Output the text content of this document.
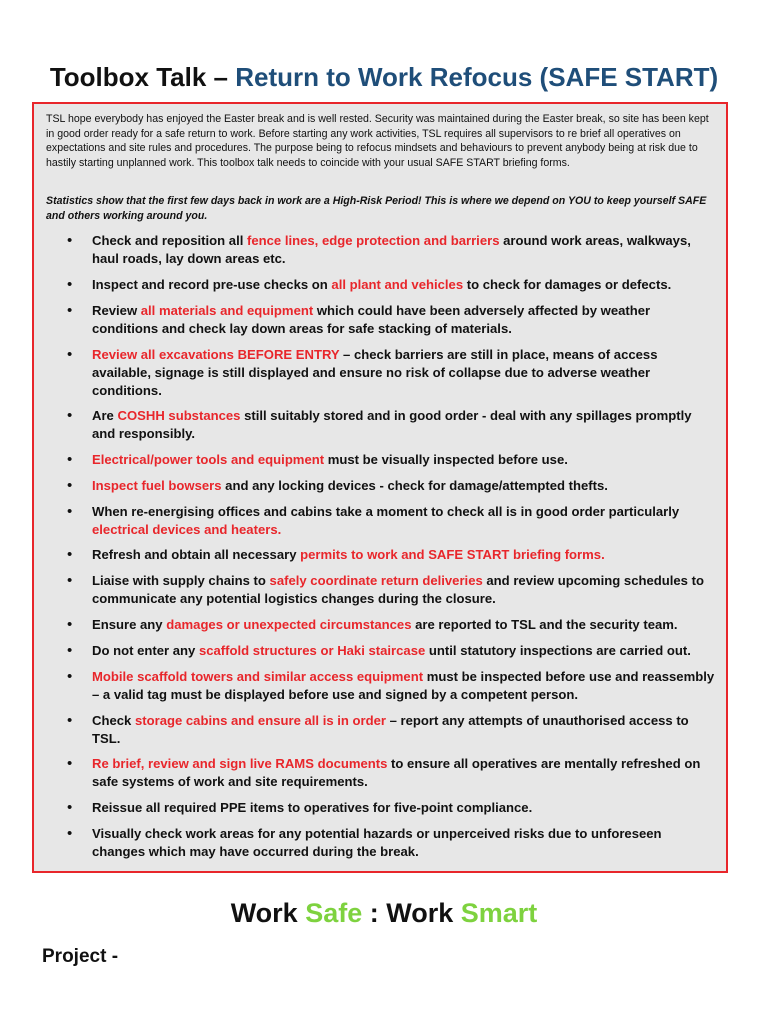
Toolbox Talk – Return to Work Refocus (SAFE START)
TSL hope everybody has enjoyed the Easter break and is well rested. Security was maintained during the Easter break, so site has been kept in good order ready for a safe return to work. Before starting any work activities, TSL requires all supervisors to re brief all operatives on expectations and site rules and procedures. The purpose being to refocus mindsets and behaviours to prevent anybody being at risk due to hastily starting unplanned work. This toolbox talk needs to coincide with your usual SAFE START briefing forms.
Statistics show that the first few days back in work are a High-Risk Period! This is where we depend on YOU to keep yourself SAFE and others working around you.
• Check and reposition all fence lines, edge protection and barriers around work areas, walkways, haul roads, lay down areas etc.
• Inspect and record pre-use checks on all plant and vehicles to check for damages or defects.
• Review all materials and equipment which could have been adversely affected by weather conditions and check lay down areas for safe stacking of materials.
• Review all excavations BEFORE ENTRY – check barriers are still in place, means of access available, signage is still displayed and ensure no risk of collapse due to adverse weather conditions.
• Are COSHH substances still suitably stored and in good order - deal with any spillages promptly and responsibly.
• Electrical/power tools and equipment must be visually inspected before use.
• Inspect fuel bowsers and any locking devices - check for damage/attempted thefts.
• When re-energising offices and cabins take a moment to check all is in good order particularly electrical devices and heaters.
• Refresh and obtain all necessary permits to work and SAFE START briefing forms.
• Liaise with supply chains to safely coordinate return deliveries and review upcoming schedules to communicate any potential logistics changes during the closure.
• Ensure any damages or unexpected circumstances are reported to TSL and the security team.
• Do not enter any scaffold structures or Haki staircase until statutory inspections are carried out.
• Mobile scaffold towers and similar access equipment must be inspected before use and reassembly – a valid tag must be displayed before use and signed by a competent person.
• Check storage cabins and ensure all is in order – report any attempts of unauthorised access to TSL.
• Re brief, review and sign live RAMS documents to ensure all operatives are mentally refreshed on safe systems of work and site requirements.
• Reissue all required PPE items to operatives for five-point compliance.
• Visually check work areas for any potential hazards or unperceived risks due to unforeseen changes which may have occurred during the break.
Work Safe : Work Smart
Project -
